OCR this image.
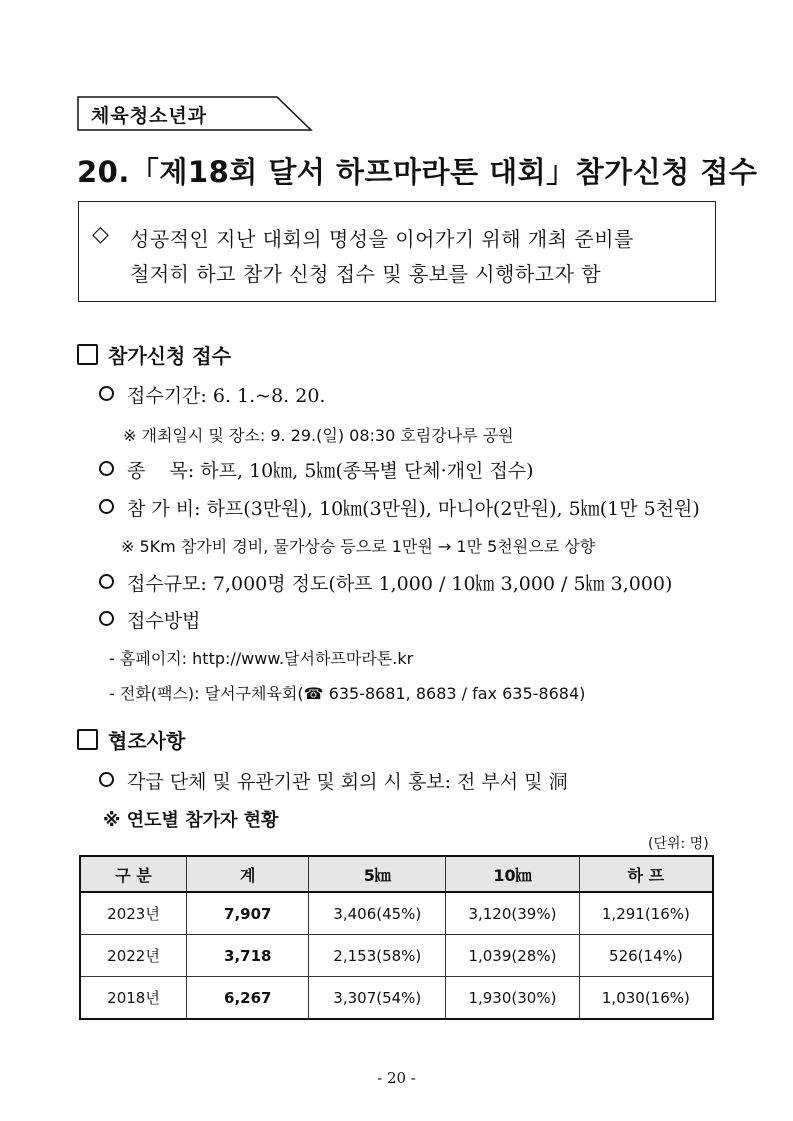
체육청소년과
20.「제18회 달서 하프마라톤 대회」참가신청 접수
◇ 성공적인 지난 대회의 명성을 이어가기 위해 개최 준비를
철저히 하고 참가 신청 접수 및 홍보를 시행하고자 함
참가신청 접수
접수기간: 6. 1.~8. 20.
※ 개최일시 및 장소: 9. 29.(일) 08:30 호림강나루 공원
종    목: 하프, 10㎞, 5㎞(종목별 단체·개인 접수)
참 가 비: 하프(3만원), 10㎞(3만원), 마니아(2만원), 5㎞(1만 5천원)
※ 5Km 참가비 경비, 물가상승 등으로 1만원 → 1만 5천원으로 상향
접수규모: 7,000명 정도(하프 1,000 / 10㎞ 3,000 / 5㎞ 3,000)
접수방법
- 홈페이지: http://www.달서하프마라톤.kr
- 전화(팩스): 달서구체육회(☎ 635-8681, 8683 / fax 635-8684)
협조사항
각급 단체 및 유관기관 및 회의 시 홍보: 전 부서 및 洞
※ 연도별 참가자 현황
(단위: 명)
구 분	계	5㎞	10㎞	하 프
2023년	7,907	3,406(45%)	3,120(39%)	1,291(16%)
2022년	3,718	2,153(58%)	1,039(28%)	526(14%)
2018년	6,267	3,307(54%)	1,930(30%)	1,030(16%)
- 20 -
